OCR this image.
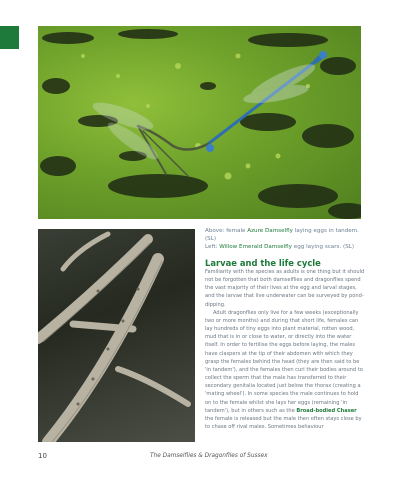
Above: female Azure Damselfly laying eggs in tandem. (SL)
Left: Willow Emerald Damselfly egg laying scars. (SL)
Larvae and the life cycle

Familiarity with the species as adults is one thing but it should not be forgotten that both damselflies and dragonflies spend the vast majority of their lives at the egg and larval stages, and the larvae that live underwater can be surveyed by pond-dipping.

Adult dragonflies only live for a few weeks (exceptionally two or more months) and during that short life, females can lay hundreds of tiny eggs into plant material, rotten wood, mud that is in or close to water, or directly into the water itself. In order to fertilise the eggs before laying, the males have claspers at the tip of their abdomen with which they grasp the females behind the head (they are then said to be 'in tandem'), and the females then curl their bodies around to collect the sperm that the male has transferred to their secondary genitalia located just below the thorax (creating a 'mating wheel'). In some species the male continues to hold on to the female whilst she lays her eggs (remaining 'in tandem'), but in others such as the Broad-bodied Chaser the female is released but the male then often stays close by to chase off rival males. Sometimes behaviour

10	The Damselflies & Dragonflies of Sussex
